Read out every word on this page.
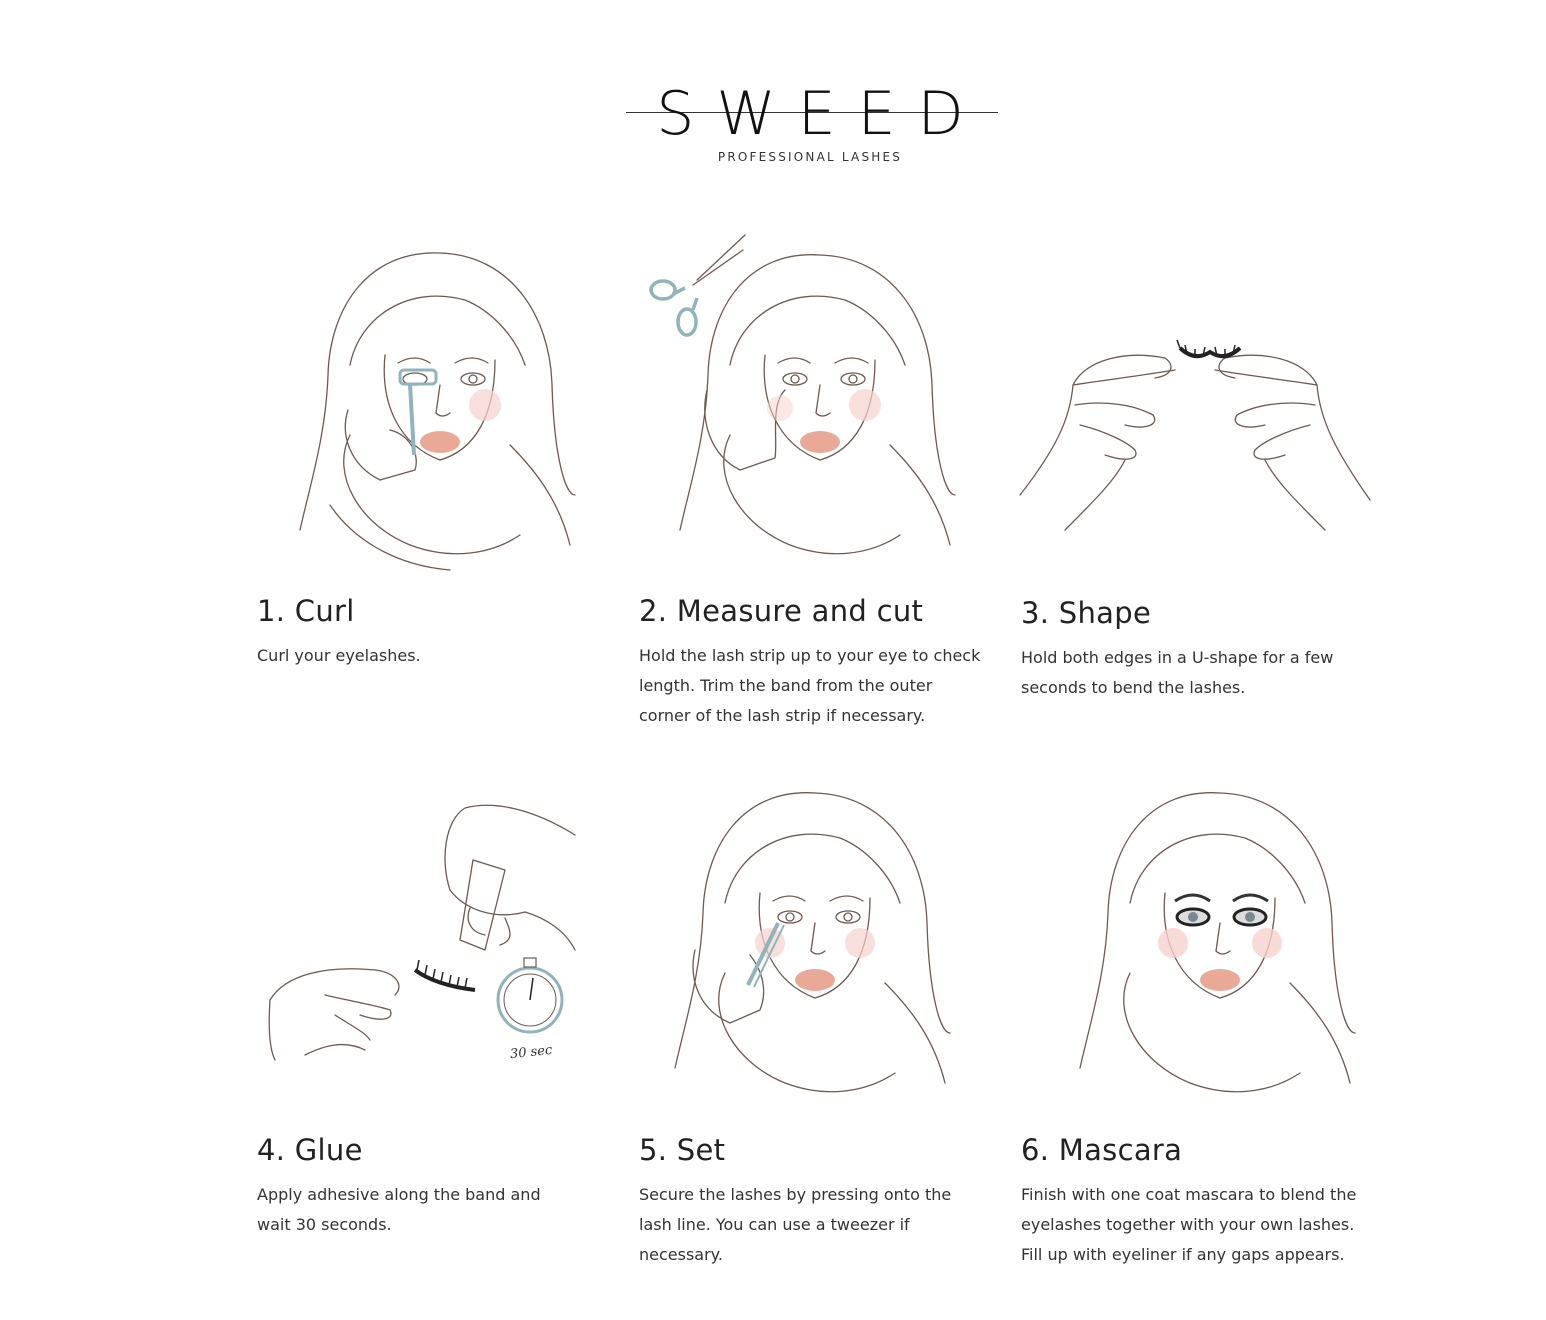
SWEED
PROFESSIONAL LASHES
30 sec
1. Curl

Curl your eyelashes.

2. Measure and cut

Hold the lash strip up to your eye to check length. Trim the band from the outer corner of the lash strip if necessary.

3. Shape

Hold both edges in a U-shape for a few seconds to bend the lashes.

4. Glue

Apply adhesive along the band and wait 30 seconds.

5. Set

Secure the lashes by pressing onto the lash line. You can use a tweezer if necessary.

6. Mascara

Finish with one coat mascara to blend the eyelashes together with your own lashes. Fill up with eyeliner if any gaps appears.
